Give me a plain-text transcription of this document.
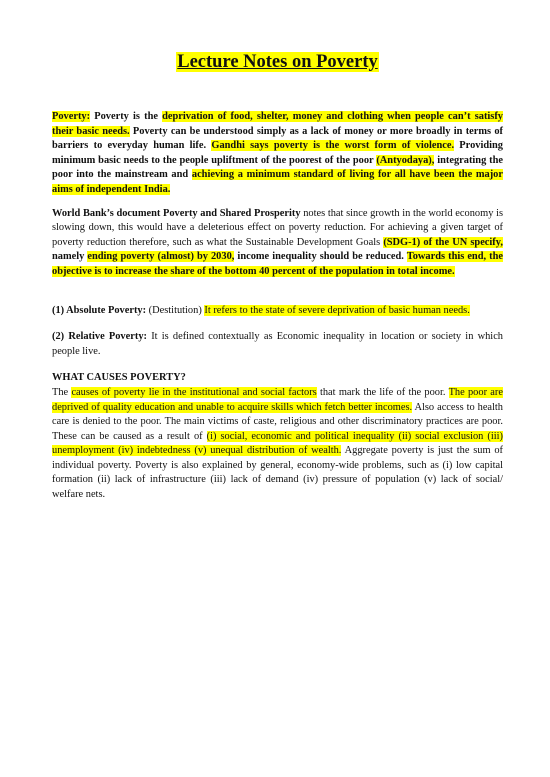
Lecture Notes on Poverty

Poverty: Poverty is the deprivation of food, shelter, money and clothing when people can’t satisfy their basic needs. Poverty can be understood simply as a lack of money or more broadly in terms of barriers to everyday human life. Gandhi says poverty is the worst form of violence. Providing minimum basic needs to the people upliftment of the poorest of the poor (Antyodaya), integrating the poor into the mainstream and achieving a minimum standard of living for all have been the major aims of independent India.

World Bank’s document Poverty and Shared Prosperity notes that since growth in the world economy is slowing down, this would have a deleterious effect on poverty reduction. For achieving a given target of poverty reduction therefore, such as what the Sustainable Development Goals (SDG-1) of the UN specify, namely ending poverty (almost) by 2030, income inequality should be reduced. Towards this end, the objective is to increase the share of the bottom 40 percent of the population in total income.

(1) Absolute Poverty: (Destitution) It refers to the state of severe deprivation of basic human needs.

(2) Relative Poverty: It is defined contextually as Economic inequality in location or society in which people live.

WHAT CAUSES POVERTY?

The causes of poverty lie in the institutional and social factors that mark the life of the poor. The poor are deprived of quality education and unable to acquire skills which fetch better incomes. Also access to health care is denied to the poor. The main victims of caste, religious and other discriminatory practices are poor. These can be caused as a result of (i) social, economic and political inequality (ii) social exclusion (iii) unemployment (iv) indebtedness (v) unequal distribution of wealth. Aggregate poverty is just the sum of individual poverty. Poverty is also explained by general, economy-wide problems, such as (i) low capital formation (ii) lack of infrastructure (iii) lack of demand (iv) pressure of population (v) lack of social/ welfare nets.
